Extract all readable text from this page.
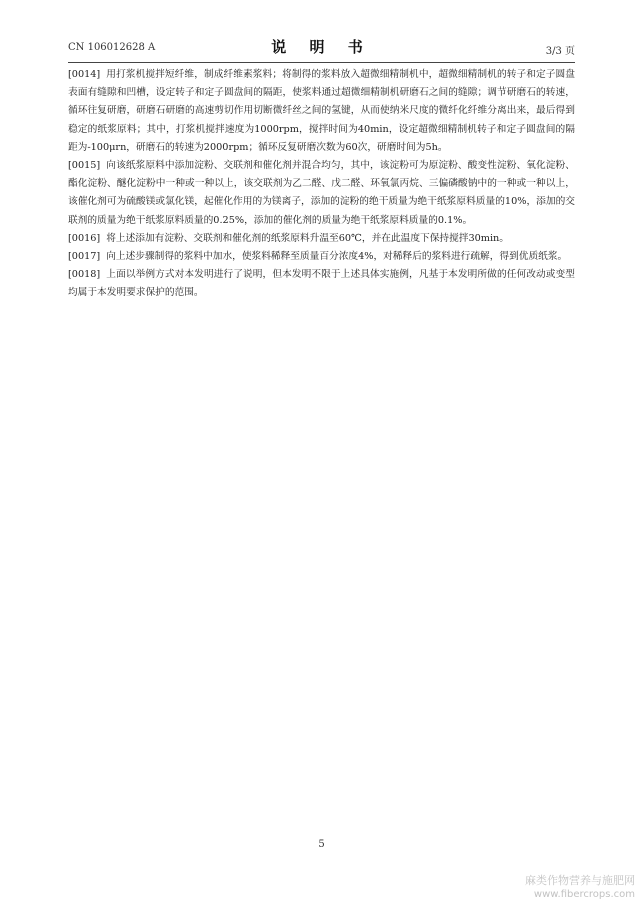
CN 106012628 A	说 明 书	3/3 页

[0014] 用打浆机搅拌短纤维，制成纤维素浆料；将制得的浆料放入超微细精制机中，超微细精制机的转子和定子圆盘表面有缝隙和凹槽，设定转子和定子圆盘间的隔距，使浆料通过超微细精制机研磨石之间的缝隙；调节研磨石的转速，循环往复研磨，研磨石研磨的高速剪切作用切断微纤丝之间的氢键，从而使纳米尺度的微纤化纤维分离出来，最后得到稳定的纸浆原料；其中，打浆机搅拌速度为1000rpm，搅拌时间为40min，设定超微细精制机转子和定子圆盘间的隔距为-100μrn，研磨石的转速为2000rpm；循环反复研磨次数为60次，研磨时间为5h。

[0015] 向该纸浆原料中添加淀粉、交联剂和催化剂并混合均匀，其中，该淀粉可为原淀粉、酸变性淀粉、氧化淀粉、酯化淀粉、醚化淀粉中一种或一种以上，该交联剂为乙二醛、戊二醛、环氧氯丙烷、三偏磷酸钠中的一种或一种以上，该催化剂可为硫酸镁或氯化镁，起催化作用的为镁离子，添加的淀粉的绝干质量为绝干纸浆原料质量的10%，添加的交联剂的质量为绝干纸浆原料质量的0.25%，添加的催化剂的质量为绝干纸浆原料质量的0.1%。

[0016] 将上述添加有淀粉、交联剂和催化剂的纸浆原料升温至60℃，并在此温度下保持搅拌30min。

[0017] 向上述步骤制得的浆料中加水，使浆料稀释至质量百分浓度4%，对稀释后的浆料进行疏解，得到优质纸浆。

[0018] 上面以举例方式对本发明进行了说明，但本发明不限于上述具体实施例，凡基于本发明所做的任何改动或变型均属于本发明要求保护的范围。

5
麻类作物营养与施肥网
www.fibercrops.com
